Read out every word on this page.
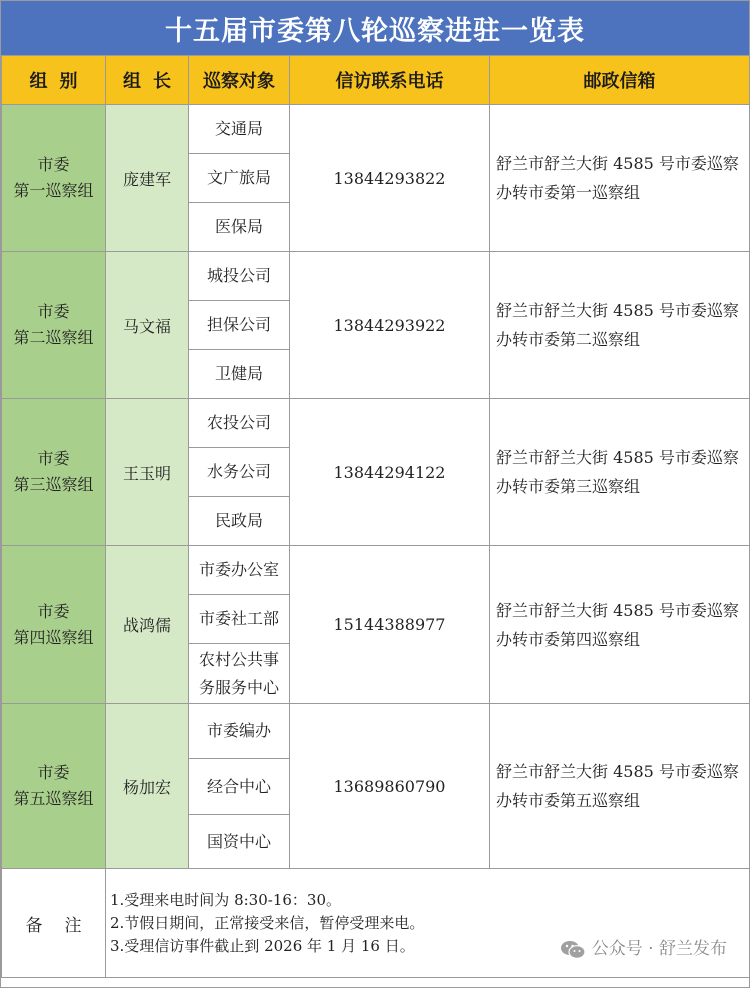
十五届市委第八轮巡察进驻一览表
组别	组长	巡察对象	信访联系电话	邮政信箱

市委
第一巡察组	庞建军	交通局	13844293822	舒兰市舒兰大街 4585 号市委巡察办转市委第一巡察组
		文广旅局		
		医保局		

市委
第二巡察组	马文福	城投公司	13844293922	舒兰市舒兰大街 4585 号市委巡察办转市委第二巡察组
		担保公司		
		卫健局		

市委
第三巡察组	王玉明	农投公司	13844294122	舒兰市舒兰大街 4585 号市委巡察办转市委第三巡察组
		水务公司		
		民政局		

市委
第四巡察组	战鸿儒	市委办公室	15144388977	舒兰市舒兰大街 4585 号市委巡察办转市委第四巡察组
		市委社工部		
		农村公共事务服务中心		

市委
第五巡察组	杨加宏	市委编办	13689860790	舒兰市舒兰大街 4585 号市委巡察办转市委第五巡察组
		经合中心		
		国资中心		
备注	1.受理来电时间为 8:30-16：30。
2.节假日期间，正常接受来信，暂停受理来电。
3.受理信访事件截止到 2026 年 1 月 16 日。 公众号 · 舒兰发布			
